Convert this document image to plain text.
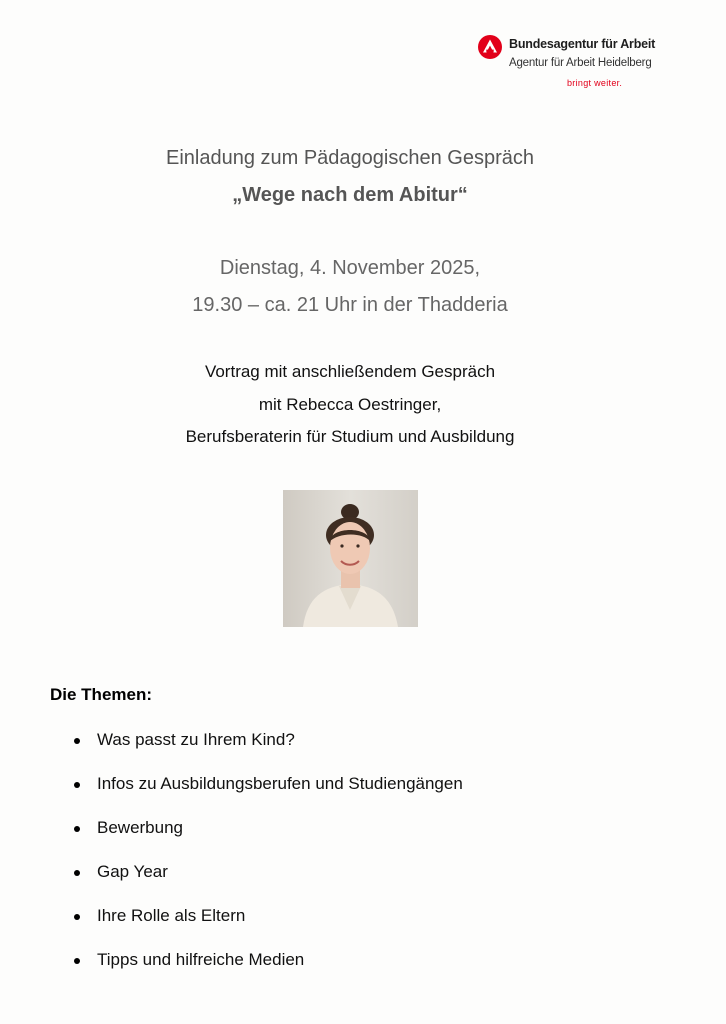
Bundesagentur für Arbeit
Agentur für Arbeit Heidelberg
bringt weiter.
Einladung zum Pädagogischen Gespräch
„Wege nach dem Abitur“
Dienstag, 4. November 2025,
19.30 – ca. 21 Uhr in der Thadderia
Vortrag mit anschließendem Gespräch
mit Rebecca Oestringer,
Berufsberaterin für Studium und Ausbildung
Die Themen:
Was passt zu Ihrem Kind?
Infos zu Ausbildungsberufen und Studiengängen
Bewerbung
Gap Year
Ihre Rolle als Eltern
Tipps und hilfreiche Medien
